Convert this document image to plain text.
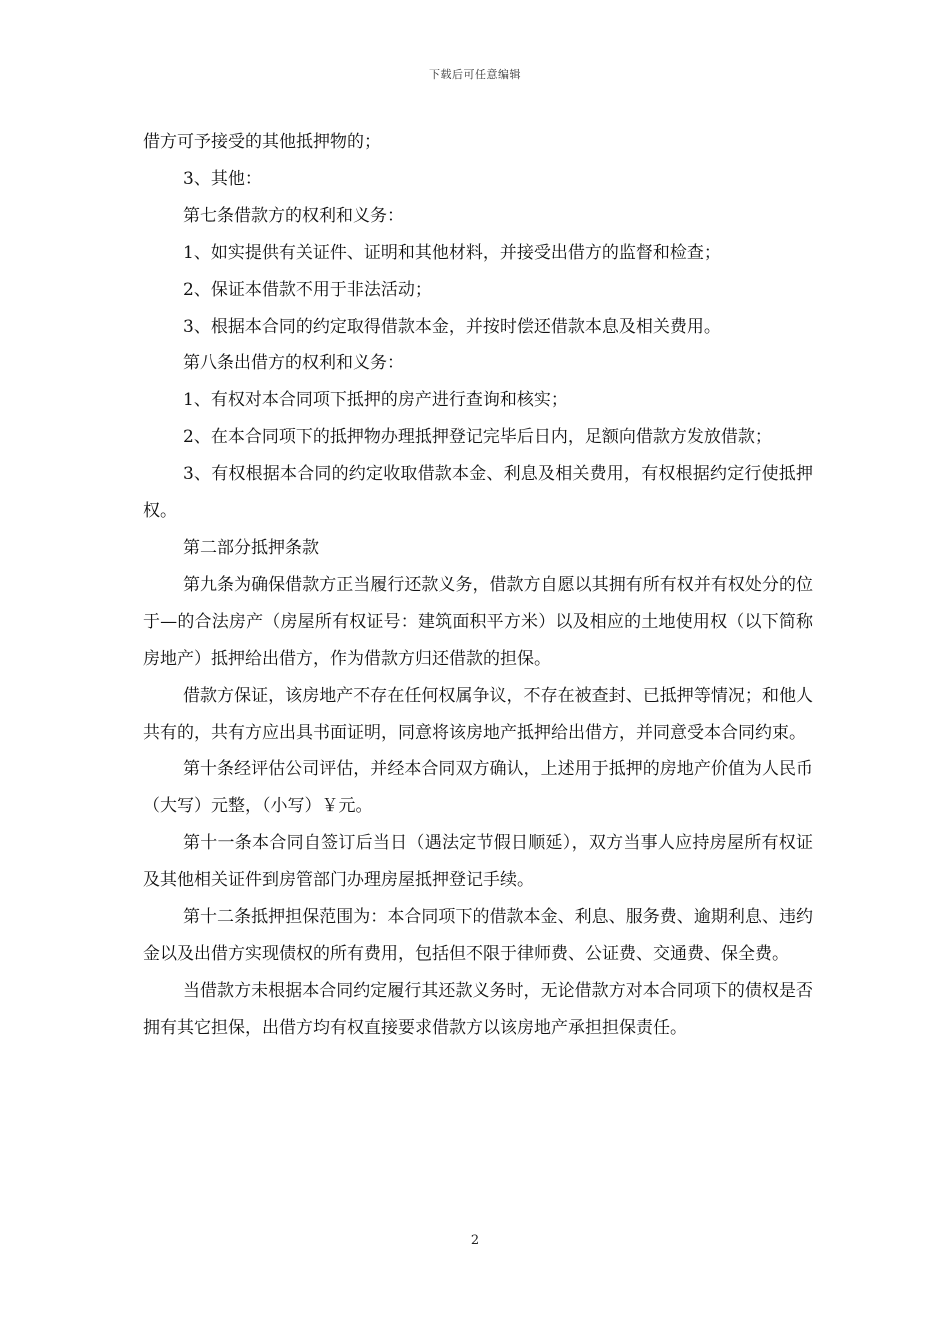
下载后可任意编辑

借方可予接受的其他抵押物的；

3、其他：

第七条借款方的权利和义务：

1、如实提供有关证件、证明和其他材料，并接受出借方的监督和检查；

2、保证本借款不用于非法活动；

3、根据本合同的约定取得借款本金，并按时偿还借款本息及相关费用。

第八条出借方的权利和义务：

1、有权对本合同项下抵押的房产进行查询和核实；

2、在本合同项下的抵押物办理抵押登记完毕后日内，足额向借款方发放借款；

3、有权根据本合同的约定收取借款本金、利息及相关费用，有权根据约定行使抵押权。

第二部分抵押条款

第九条为确保借款方正当履行还款义务，借款方自愿以其拥有所有权并有权处分的位于—的合法房产（房屋所有权证号：建筑面积平方米）以及相应的土地使用权（以下简称房地产）抵押给出借方，作为借款方归还借款的担保。

借款方保证，该房地产不存在任何权属争议，不存在被查封、已抵押等情况；和他人共有的，共有方应出具书面证明，同意将该房地产抵押给出借方，并同意受本合同约束。

第十条经评估公司评估，并经本合同双方确认，上述用于抵押的房地产价值为人民币（大写）元整，（小写）￥元。

第十一条本合同自签订后当日（遇法定节假日顺延），双方当事人应持房屋所有权证及其他相关证件到房管部门办理房屋抵押登记手续。

第十二条抵押担保范围为：本合同项下的借款本金、利息、服务费、逾期利息、违约金以及出借方实现债权的所有费用，包括但不限于律师费、公证费、交通费、保全费。

当借款方未根据本合同约定履行其还款义务时，无论借款方对本合同项下的债权是否拥有其它担保，出借方均有权直接要求借款方以该房地产承担担保责任。

2
